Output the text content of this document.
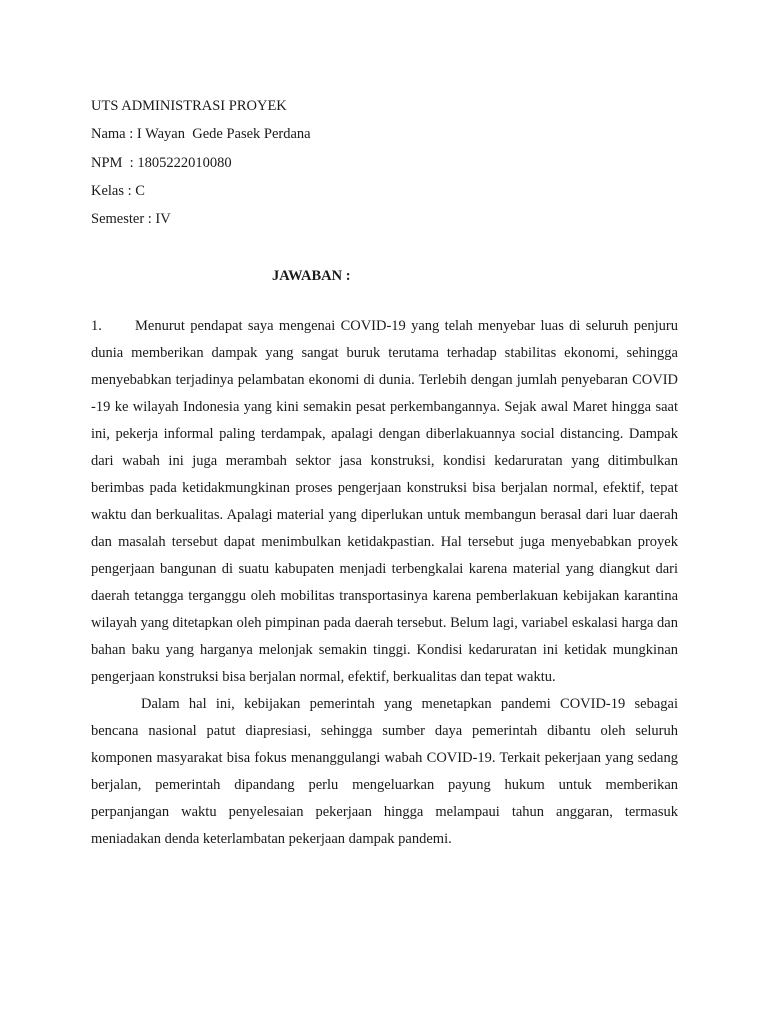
UTS ADMINISTRASI PROYEK
Nama : I Wayan  Gede Pasek Perdana
NPM  : 1805222010080
Kelas : C
Semester : IV
JAWABAN :

1. Menurut pendapat saya mengenai COVID-19 yang telah menyebar luas di seluruh penjuru dunia memberikan dampak yang sangat buruk terutama terhadap stabilitas ekonomi, sehingga menyebabkan terjadinya pelambatan ekonomi di dunia. Terlebih dengan jumlah penyebaran COVID -19 ke wilayah Indonesia yang kini semakin pesat perkembangannya. Sejak awal Maret hingga saat ini, pekerja informal paling terdampak, apalagi dengan diberlakuannya social distancing. Dampak dari wabah ini juga merambah sektor jasa konstruksi, kondisi kedaruratan yang ditimbulkan berimbas pada ketidakmungkinan proses pengerjaan konstruksi bisa berjalan normal, efektif, tepat waktu dan berkualitas. Apalagi material yang diperlukan untuk membangun berasal dari luar daerah dan masalah tersebut dapat menimbulkan ketidakpastian. Hal tersebut juga menyebabkan proyek pengerjaan bangunan di suatu kabupaten menjadi terbengkalai karena material yang diangkut dari daerah tetangga terganggu oleh mobilitas transportasinya karena pemberlakuan kebijakan karantina wilayah yang ditetapkan oleh pimpinan pada daerah tersebut. Belum lagi, variabel eskalasi harga dan bahan baku yang harganya melonjak semakin tinggi. Kondisi kedaruratan ini ketidak mungkinan pengerjaan konstruksi bisa berjalan normal, efektif, berkualitas dan tepat waktu.

Dalam hal ini, kebijakan pemerintah yang menetapkan pandemi COVID-19 sebagai bencana nasional patut diapresiasi, sehingga sumber daya pemerintah dibantu oleh seluruh komponen masyarakat bisa fokus menanggulangi wabah COVID-19. Terkait pekerjaan yang sedang berjalan, pemerintah dipandang perlu mengeluarkan payung hukum untuk memberikan perpanjangan waktu penyelesaian pekerjaan hingga melampaui tahun anggaran, termasuk meniadakan denda keterlambatan pekerjaan dampak pandemi.
